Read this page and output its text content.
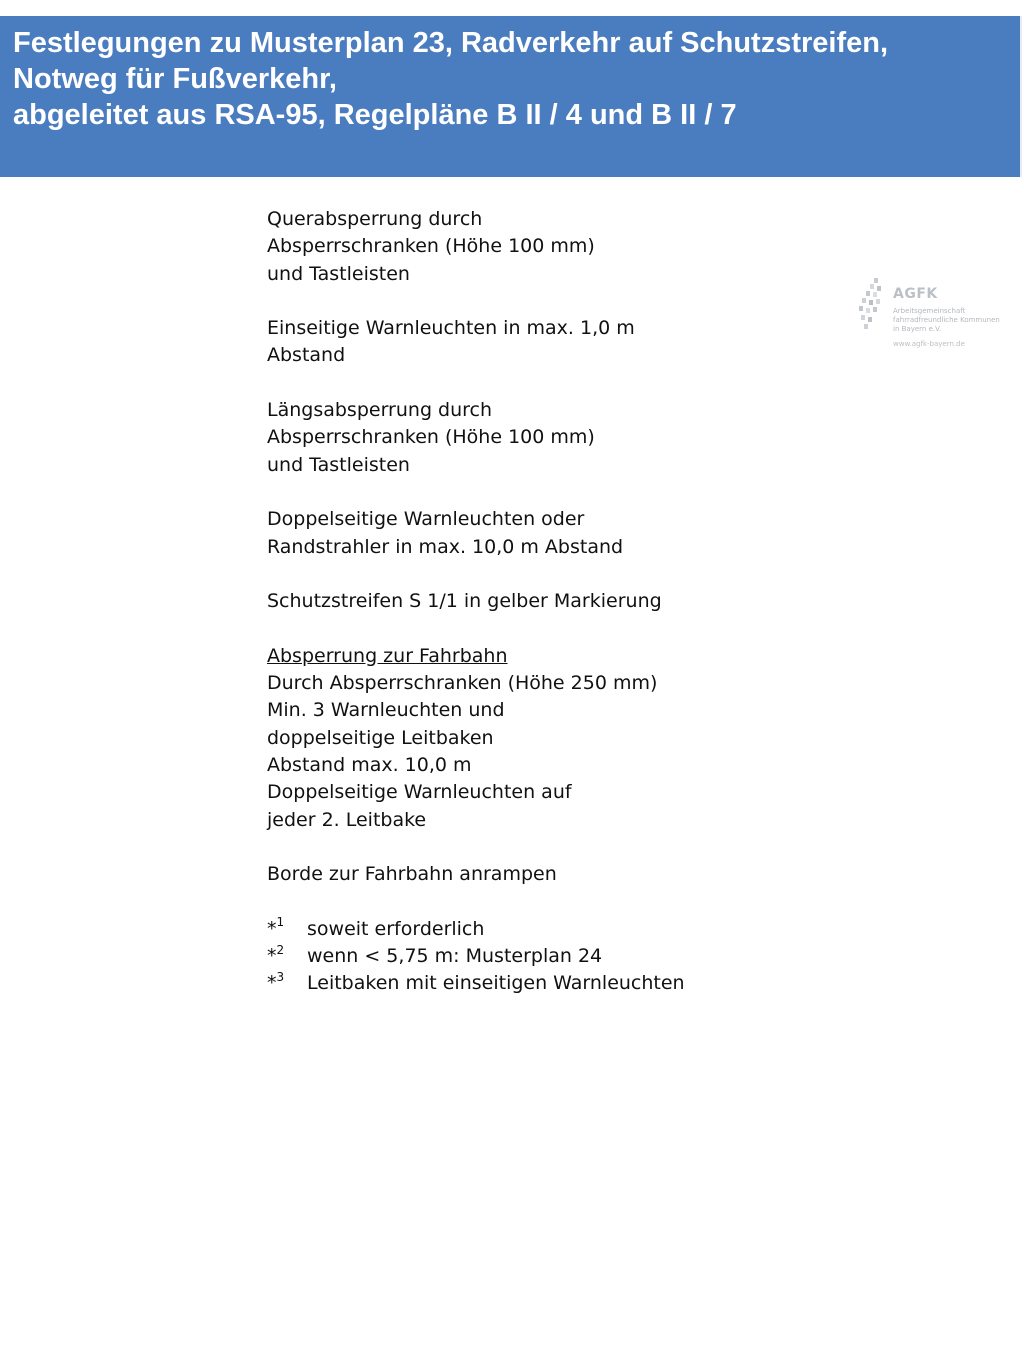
Festlegungen zu Musterplan 23, Radverkehr auf Schutzstreifen,
Notweg für Fußverkehr,
abgeleitet aus RSA-95, Regelpläne B II / 4 und B II / 7

AGFK

Arbeitsgemeinschaft

fahrradfreundliche Kommunen

in Bayern e.V.

www.agfk-bayern.de

Querabsperrung durch

Absperrschranken (Höhe 100 mm)

und Tastleisten

Einseitige Warnleuchten in max. 1,0 m

Abstand

Längsabsperrung durch

Absperrschranken (Höhe 100 mm)

und Tastleisten

Doppelseitige Warnleuchten oder

Randstrahler in max. 10,0 m Abstand

Schutzstreifen S 1/1 in gelber Markierung

Absperrung zur Fahrbahn

Durch Absperrschranken (Höhe 250 mm)

Min. 3 Warnleuchten und

doppelseitige Leitbaken

Abstand max. 10,0 m

Doppelseitige Warnleuchten auf

jeder 2. Leitbake

Borde zur Fahrbahn anrampen

*$^1$	soweit erforderlich

*$^2$	wenn < 5,75 m: Musterplan 24

*$^3$	Leitbaken mit einseitigen Warnleuchten
